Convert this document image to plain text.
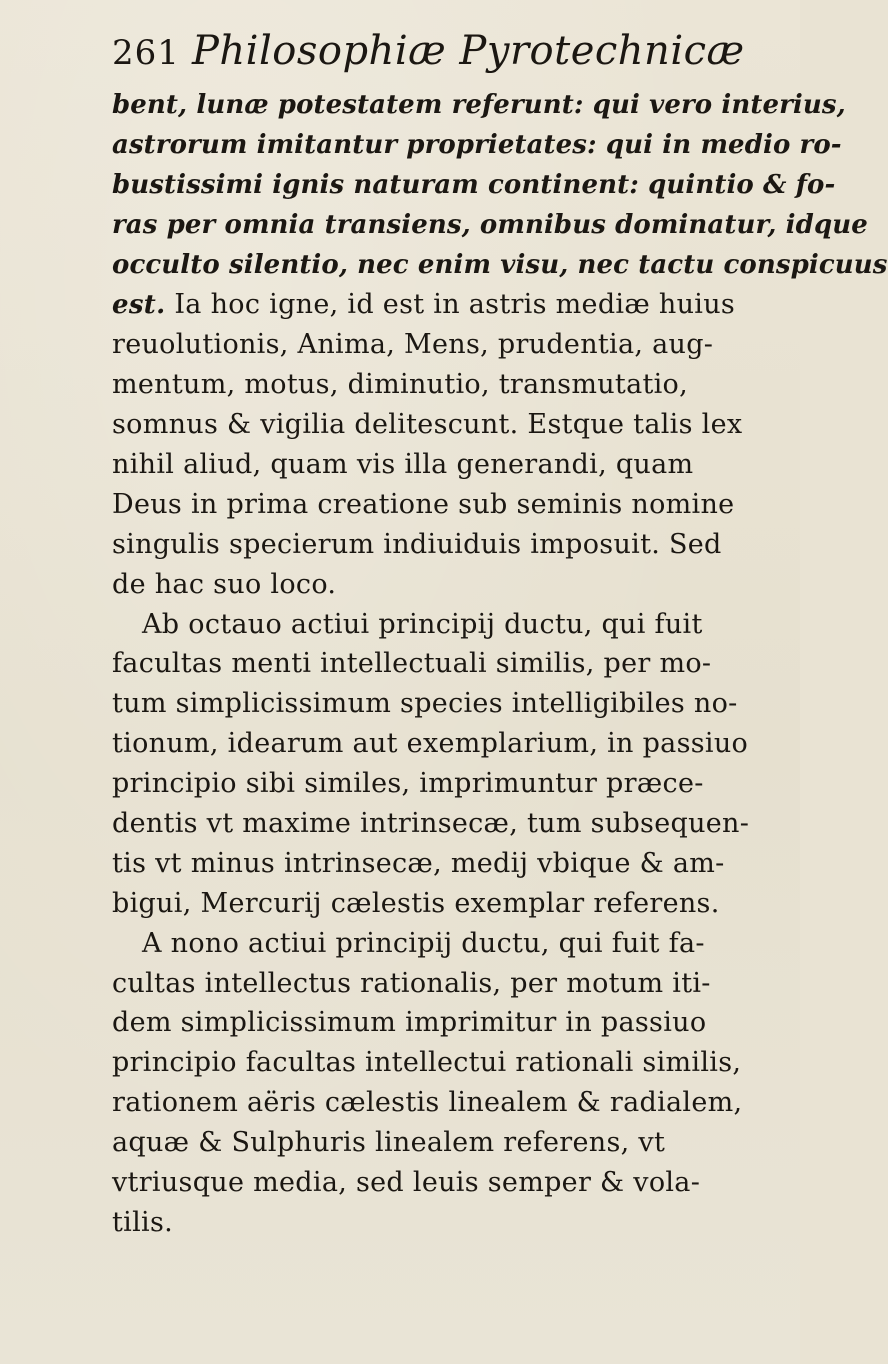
261 Philosophiæ Pyrotechnicæ
bent, lunæ potestatem referunt: qui vero interius,
astrorum imitantur proprietates: qui in medio ro-
bustissimi ignis naturam continent: quintio & fo-
ras per omnia transiens, omnibus dominatur, idque
occulto silentio, nec enim visu, nec tactu conspicuus
est. Ia hoc igne, id est in astris mediæ huius
reuolutionis, Anima, Mens, prudentia, aug-
mentum, motus, diminutio, transmutatio,
somnus & vigilia delitescunt. Estque talis lex
nihil aliud, quam vis illa generandi, quam
Deus in prima creatione sub seminis nomine
singulis specierum indiuiduis imposuit. Sed
de hac suo loco.
Ab octauo actiui principij ductu, qui fuit
facultas menti intellectuali similis, per mo-
tum simplicissimum species intelligibiles no-
tionum, idearum aut exemplarium, in passiuo
principio sibi similes, imprimuntur præce-
dentis vt maxime intrinsecæ, tum subsequen-
tis vt minus intrinsecæ, medij vbique & am-
bigui, Mercurij cælestis exemplar referens.
A nono actiui principij ductu, qui fuit fa-
cultas intellectus rationalis, per motum iti-
dem simplicissimum imprimitur in passiuo
principio facultas intellectui rationali similis,
rationem aëris cælestis linealem & radialem,
aquæ & Sulphuris linealem referens, vt
vtriusque media, sed leuis semper & vola-
tilis.
